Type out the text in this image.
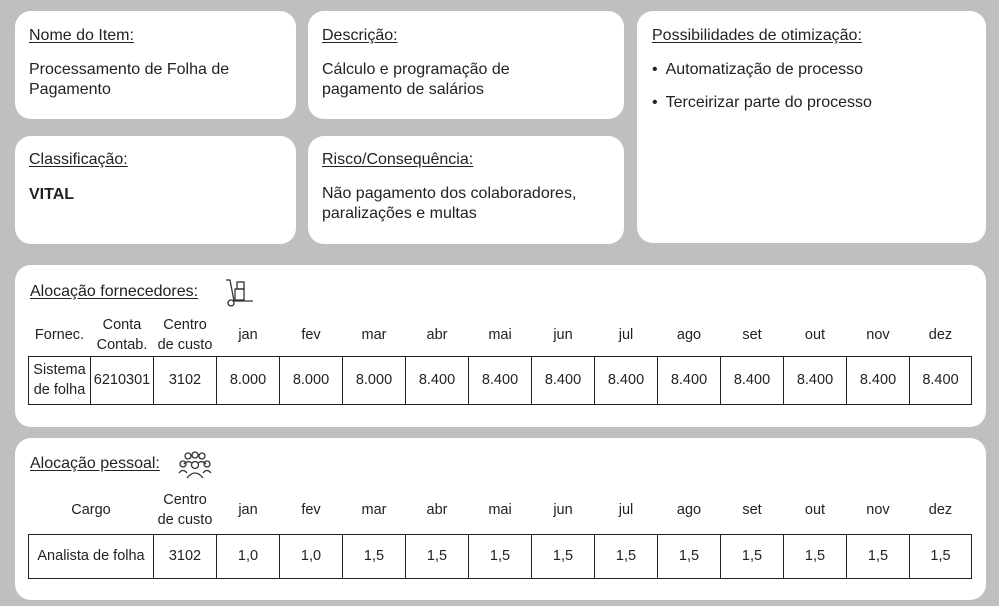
Nome do Item:
Processamento de Folha de Pagamento
Descrição:
Cálculo e programação de pagamento de salários
Possibilidades de otimização:
• Automatização de processo
• Terceirizar parte do processo
Classificação:
VITAL
Risco/Consequência:
Não pagamento dos colaboradores, paralizações e multas
Alocação fornecedores:
Fornec.	Conta Contab.	Centro de custo	jan	fev	mar	abr	mai	jun	jul	ago	set	out	nov	dez
Sistema de folha	6210301	3102	8.000	8.000	8.000	8.400	8.400	8.400	8.400	8.400	8.400	8.400	8.400	8.400
Alocação pessoal:
Cargo	Centro de custo	jan	fev	mar	abr	mai	jun	jul	ago	set	out	nov	dez
Analista de folha	3102	1,0	1,0	1,5	1,5	1,5	1,5	1,5	1,5	1,5	1,5	1,5	1,5
